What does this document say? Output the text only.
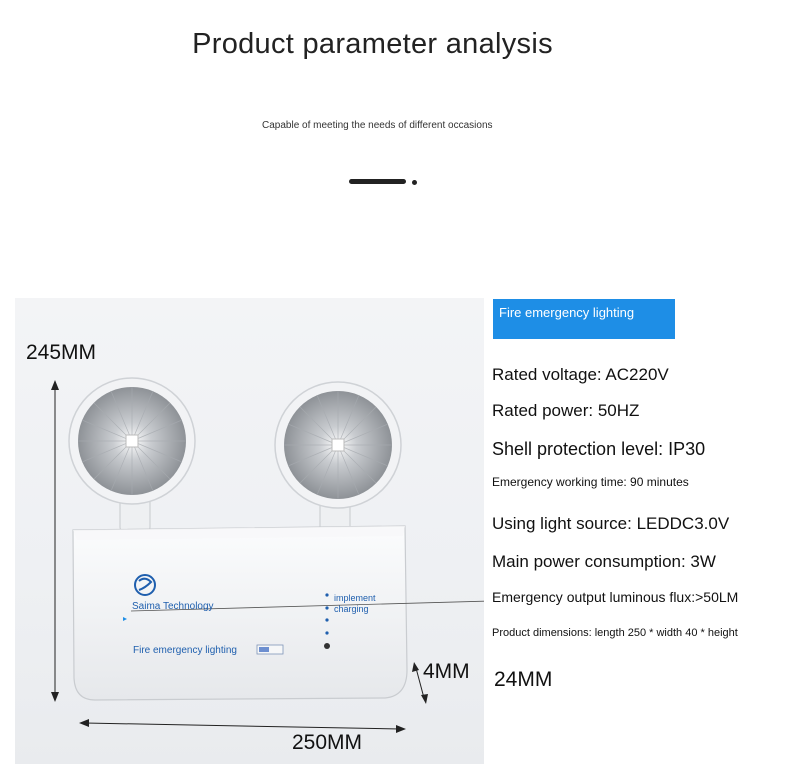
Product parameter analysis
Capable of meeting the needs of different occasions
Saima Technology
Fire emergency lighting
implement
charging
245MM
4MM
250MM
24MM
Fire emergency lighting
Rated voltage: AC220V
Rated power: 50HZ
Shell protection level: IP30
Emergency working time: 90 minutes
Using light source: LEDDC3.0V
Main power consumption: 3W
Emergency output luminous flux:>50LM
Product dimensions: length 250 * width 40 * height
